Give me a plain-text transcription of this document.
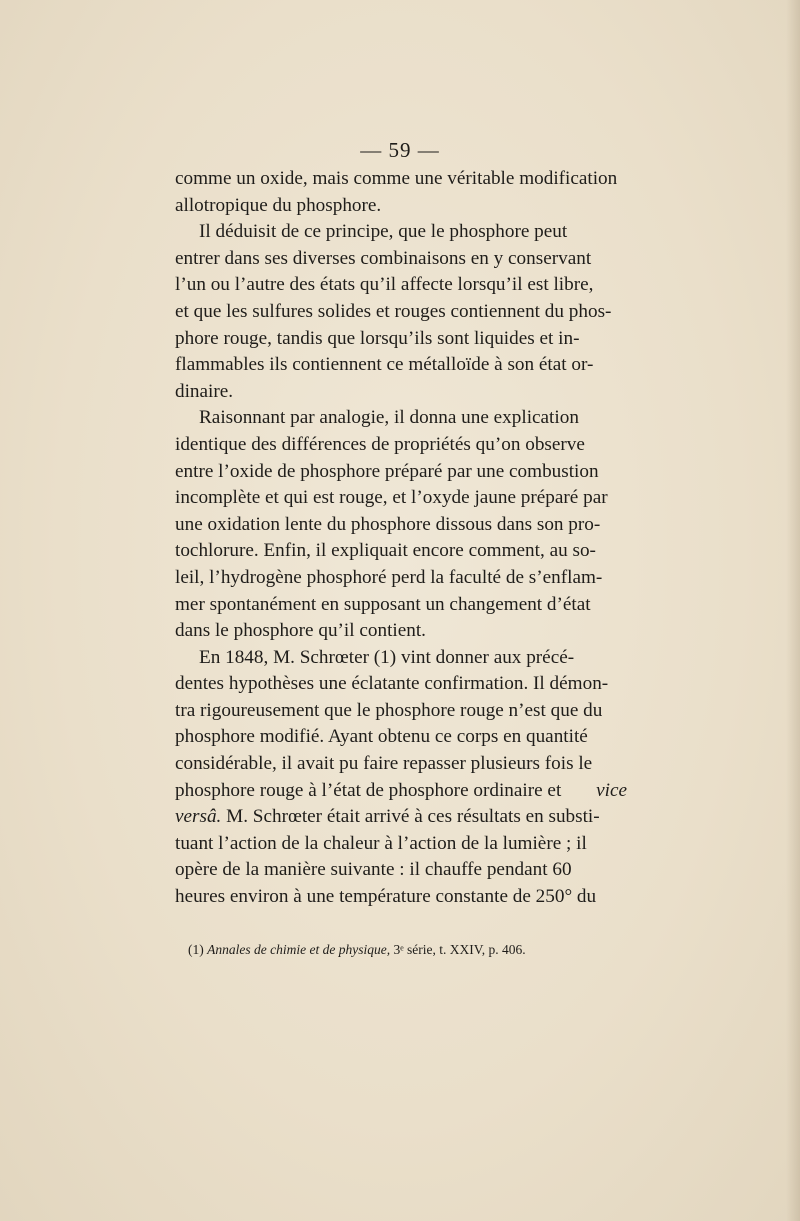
— 59 —
comme un oxide, mais comme une véritable modification
allotropique du phosphore.
Il déduisit de ce principe, que le phosphore peut
entrer dans ses diverses combinaisons en y conservant
l’un ou l’autre des états qu’il affecte lorsqu’il est libre,
et que les sulfures solides et rouges contiennent du phos-
phore rouge, tandis que lorsqu’ils sont liquides et in-
flammables ils contiennent ce métalloïde à son état or-
dinaire.
Raisonnant par analogie, il donna une explication
identique des différences de propriétés qu’on observe
entre l’oxide de phosphore préparé par une combustion
incomplète et qui est rouge, et l’oxyde jaune préparé par
une oxidation lente du phosphore dissous dans son pro-
tochlorure. Enfin, il expliquait encore comment, au so-
leil, l’hydrogène phosphoré perd la faculté de s’enflam-
mer spontanément en supposant un changement d’état
dans le phosphore qu’il contient.
En 1848, M. Schrœter (1) vint donner aux précé-
dentes hypothèses une éclatante confirmation. Il démon-
tra rigoureusement que le phosphore rouge n’est que du
phosphore modifié. Ayant obtenu ce corps en quantité
considérable, il avait pu faire repasser plusieurs fois le
phosphore rouge à l’état de phosphore ordinaire et vice
versâ. M. Schrœter était arrivé à ces résultats en substi-
tuant l’action de la chaleur à l’action de la lumière ; il
opère de la manière suivante : il chauffe pendant 60
heures environ à une température constante de 250° du
(1) Annales de chimie et de physique, 3ᵉ série, t. XXIV, p. 406.
